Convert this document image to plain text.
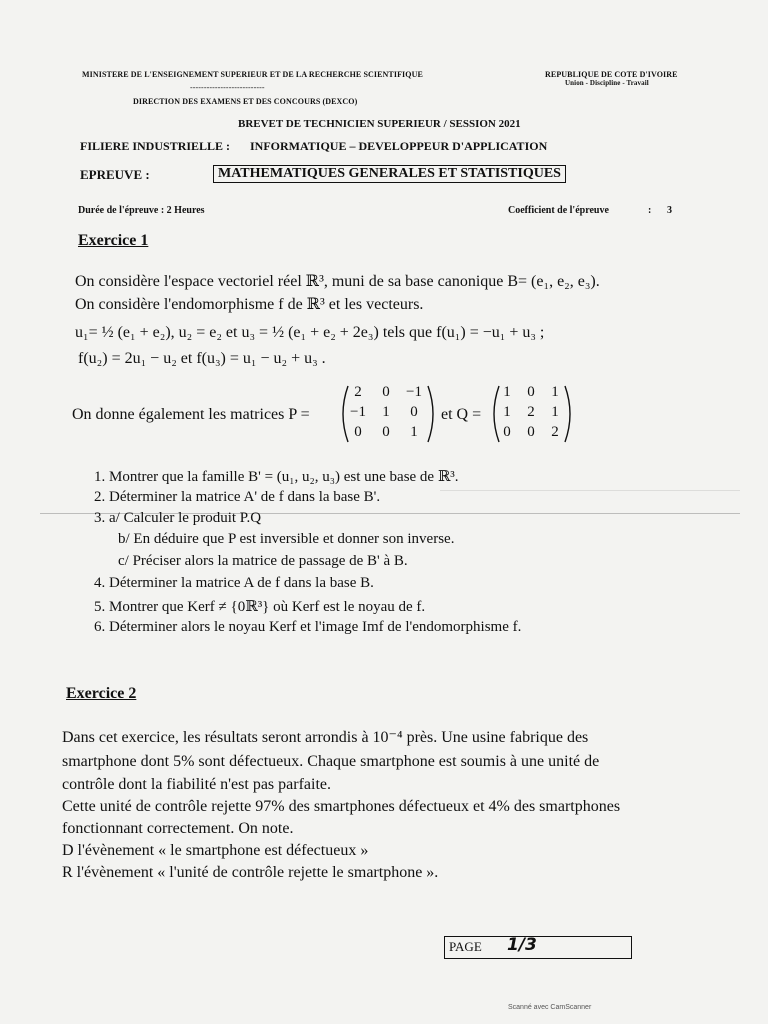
MINISTERE DE L'ENSEIGNEMENT SUPERIEUR ET DE LA RECHERCHE SCIENTIFIQUE
---------------------------
DIRECTION DES EXAMENS ET DES CONCOURS (DEXCO)
REPUBLIQUE DE COTE D'IVOIRE
Union - Discipline - Travail
BREVET DE TECHNICIEN SUPERIEUR / SESSION 2021
FILIERE INDUSTRIELLE : INFORMATIQUE – DEVELOPPEUR D'APPLICATION
EPREUVE :	MATHEMATIQUES GENERALES ET STATISTIQUES
Durée de l'épreuve : 2 Heures	Coefficient de l'épreuve	: 3
Exercice 1
On considère l'espace vectoriel réel ℝ³, muni de sa base canonique B= (e₁, e₂, e₃).
On considère l'endomorphisme f de ℝ³ et les vecteurs.
u₁= ½ (e₁ + e₂), u₂ = e₂ et u₃ = ½ (e₁ + e₂ + 2e₃) tels que f(u₁) = −u₁ + u₃ ;
f(u₂) = 2u₁ − u₂ et f(u₃) = u₁ − u₂ + u₃ .
On donne également les matrices P =
2	0	−1
−1	1	0
0	0	1
et Q =
1	0	1
1	2	1
0	0	2
1. Montrer que la famille B' = (u₁, u₂, u₃) est une base de ℝ³.
2. Déterminer la matrice A' de f dans la base B'.
3. a/ Calculer le produit P.Q
b/ En déduire que P est inversible et donner son inverse.
c/ Préciser alors la matrice de passage de B' à B.
4. Déterminer la matrice A de f dans la base B.
5. Montrer que Kerf ≠ {0ℝ³} où Kerf est le noyau de f.
6. Déterminer alors le noyau Kerf et l'image Imf de l'endomorphisme f.
Exercice 2
Dans cet exercice, les résultats seront arrondis à 10⁻⁴ près. Une usine fabrique des
smartphone dont 5% sont défectueux. Chaque smartphone est soumis à une unité de
contrôle dont la fiabilité n'est pas parfaite.
Cette unité de contrôle rejette 97% des smartphones défectueux et 4% des smartphones
fonctionnant correctement. On note.
D l'évènement « le smartphone est défectueux »
R l'évènement « l'unité de contrôle rejette le smartphone ».
PAGE 1/3
Scanné avec CamScanner
